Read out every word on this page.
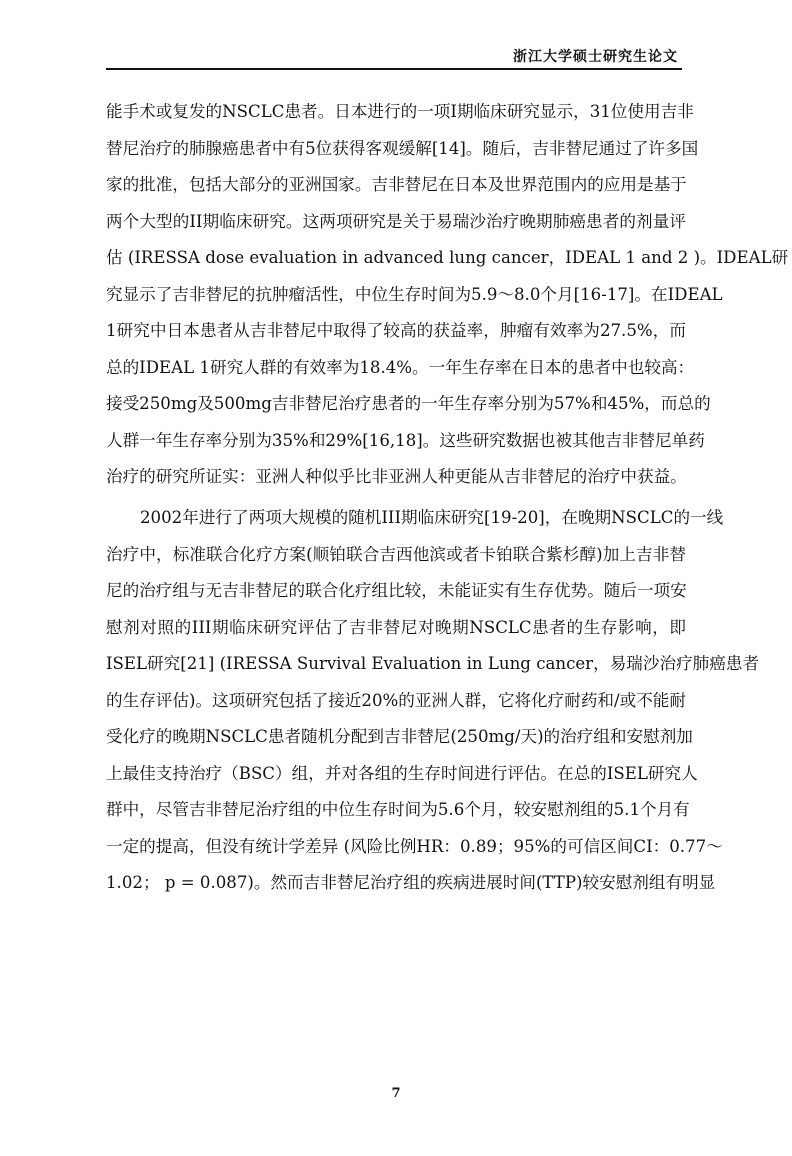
浙江大学硕士研究生论文
能手术或复发的NSCLC患者。日本进行的一项I期临床研究显示，31位使用吉非
替尼治疗的肺腺癌患者中有5位获得客观缓解[14]。随后，吉非替尼通过了许多国
家的批准，包括大部分的亚洲国家。吉非替尼在日本及世界范围内的应用是基于
两个大型的II期临床研究。这两项研究是关于易瑞沙治疗晚期肺癌患者的剂量评
估 (IRESSA dose evaluation in advanced lung cancer，IDEAL 1 and 2 )。IDEAL研
究显示了吉非替尼的抗肿瘤活性，中位生存时间为5.9～8.0个月[16-17]。在IDEAL
1研究中日本患者从吉非替尼中取得了较高的获益率，肿瘤有效率为27.5%，而
总的IDEAL 1研究人群的有效率为18.4%。一年生存率在日本的患者中也较高：
接受250mg及500mg吉非替尼治疗患者的一年生存率分别为57%和45%，而总的
人群一年生存率分别为35%和29%[16,18]。这些研究数据也被其他吉非替尼单药
治疗的研究所证实：亚洲人种似乎比非亚洲人种更能从吉非替尼的治疗中获益。
2002年进行了两项大规模的随机III期临床研究[19-20]，在晚期NSCLC的一线
治疗中，标准联合化疗方案(顺铂联合吉西他滨或者卡铂联合紫杉醇)加上吉非替
尼的治疗组与无吉非替尼的联合化疗组比较，未能证实有生存优势。随后一项安
慰剂对照的III期临床研究评估了吉非替尼对晚期NSCLC患者的生存影响，即
ISEL研究[21] (IRESSA Survival Evaluation in Lung cancer，易瑞沙治疗肺癌患者
的生存评估)。这项研究包括了接近20%的亚洲人群，它将化疗耐药和/或不能耐
受化疗的晚期NSCLC患者随机分配到吉非替尼(250mg/天)的治疗组和安慰剂加
上最佳支持治疗（BSC）组，并对各组的生存时间进行评估。在总的ISEL研究人
群中，尽管吉非替尼治疗组的中位生存时间为5.6个月，较安慰剂组的5.1个月有
一定的提高，但没有统计学差异 (风险比例HR：0.89；95%的可信区间CI：0.77～
1.02； p = 0.087)。然而吉非替尼治疗组的疾病进展时间(TTP)较安慰剂组有明显
7
